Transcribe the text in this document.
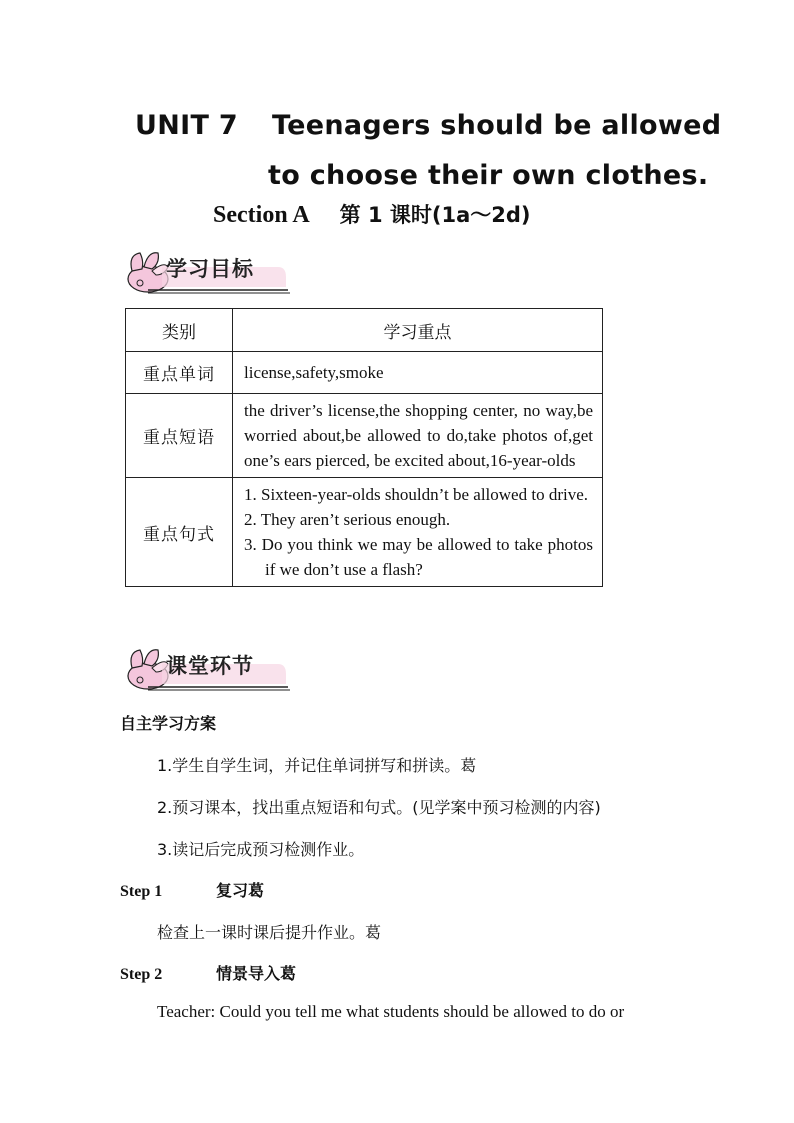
UNIT 7 Teenagers should be allowed
to choose their own clothes.
Section A 第 1 课时(1a～2d)
学习目标
类别	学习重点
重点单词	license,safety,smoke
重点短语	the driver’s license,the shopping center, no way,be worried about,be allowed to do,take photos of,get one’s ears pierced, be excited about,16-year-olds
重点句式	1. Sixteen-year-olds shouldn’t be allowed to drive.
2. They aren’t serious enough.
3. Do you think we may be allowed to take photos if we don’t use a flash?
课堂环节
自主学习方案
1.学生自学生词，并记住单词拼写和拼读。葛
2.预习课本，找出重点短语和句式。(见学案中预习检测的内容)
3.读记后完成预习检测作业。
Step 1	复习葛
检查上一课时课后提升作业。葛
Step 2	情景导入葛
Teacher: Could you tell me what students should be allowed to do or
